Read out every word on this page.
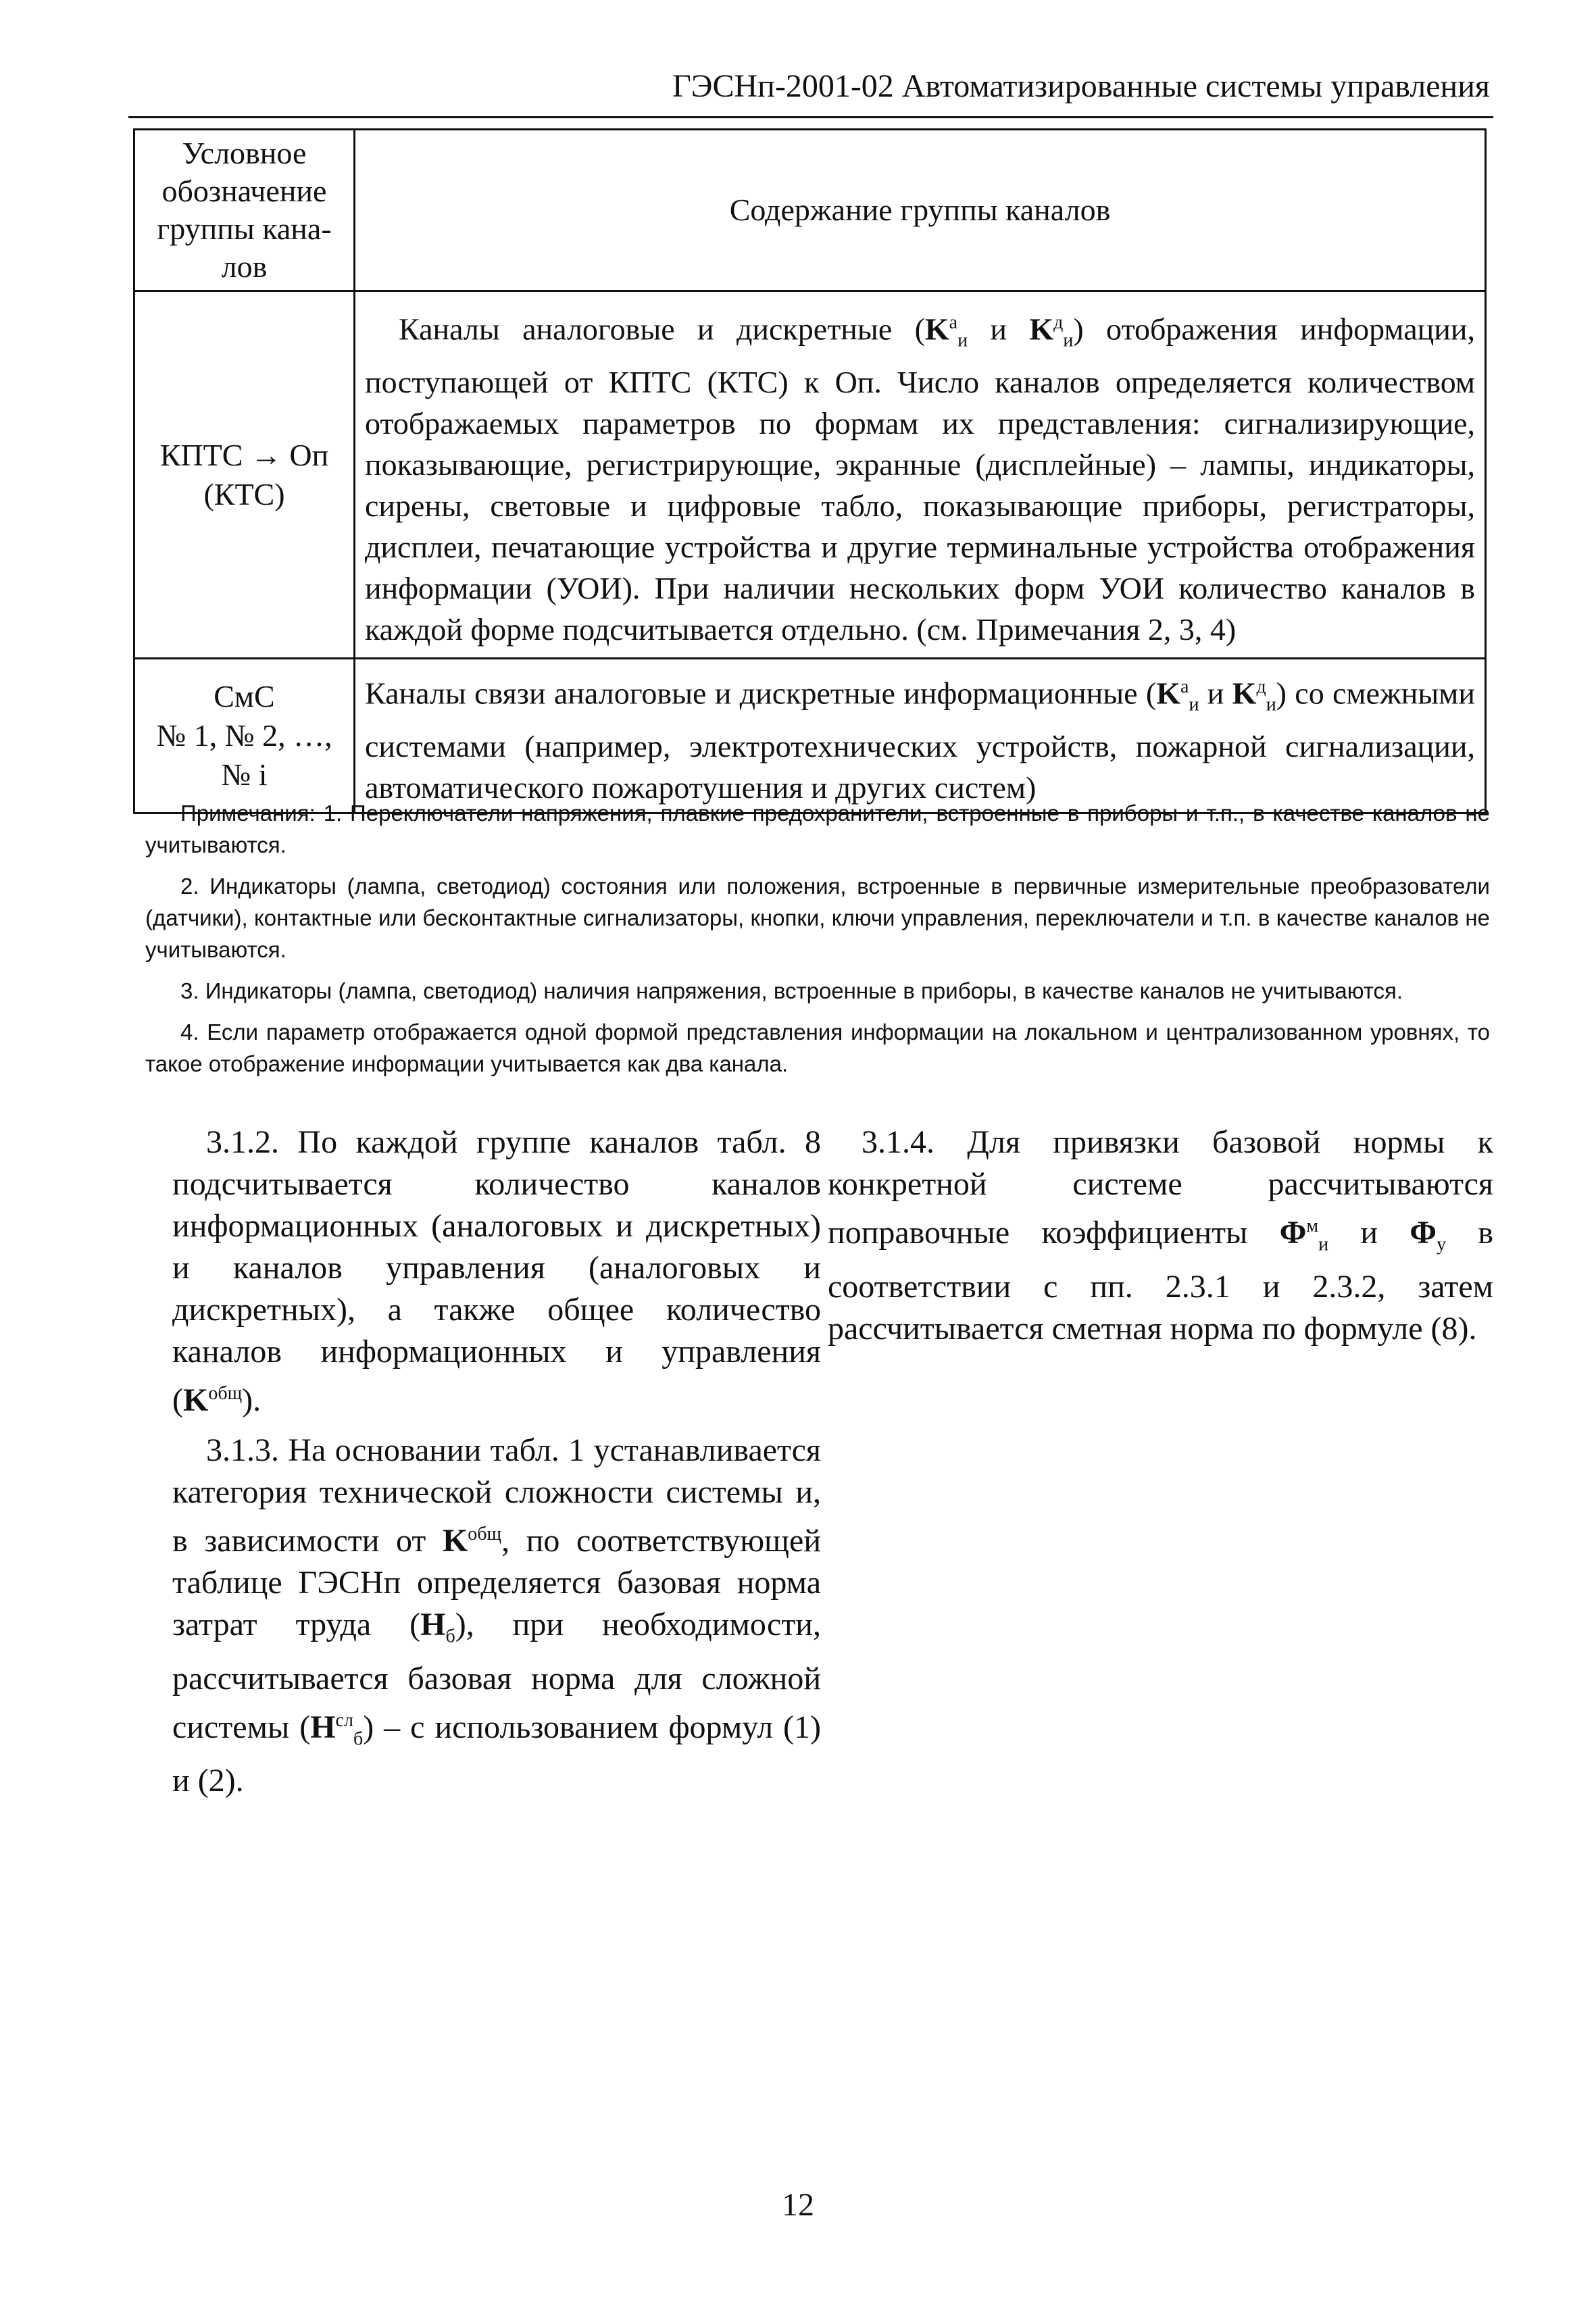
ГЭСНп-2001-02 Автоматизированные системы управления
Условное обозначение группы кана-лов	Содержание группы каналов

КПТС → Оп
(КТС)	Каналы аналоговые и дискретные ($K^а_и$ и $K^д_и$) отображения информации, поступающей от КПТС (КТС) к Оп. Число каналов определяется количеством отображаемых параметров по формам их представления: сигнализирующие, показывающие, регистрирующие, экранные (дисплейные) – лампы, индикаторы, сирены, световые и цифровые табло, показывающие приборы, регистраторы, дисплеи, печатающие устройства и другие терминальные устройства отображения информации (УОИ). При наличии нескольких форм УОИ количество каналов в каждой форме подсчитывается отдельно. (см. Примечания 2, 3, 4)

СмС
№ 1, № 2, …,
№ i	Каналы связи аналоговые и дискретные информационные ($K^а_и$ и $K^д_и$) со смежными системами (например, электротехнических устройств, пожарной сигнализации, автоматического пожаротушения и других систем)

Примечания: 1. Переключатели напряжения, плавкие предохранители, встроенные в приборы и т.п., в качестве каналов не учитываются.

2. Индикаторы (лампа, светодиод) состояния или положения, встроенные в первичные измерительные преобразователи (датчики), контактные или бесконтактные сигнализаторы, кнопки, ключи управления, переключатели и т.п. в качестве каналов не учитываются.

3. Индикаторы (лампа, светодиод) наличия напряжения, встроенные в приборы, в качестве каналов не учитываются.

4. Если параметр отображается одной формой представления информации на локальном и централизованном уровнях, то такое отображение информации учитывается как два канала.

3.1.2. По каждой группе каналов табл. 8 подсчитывается количество каналов информационных (аналоговых и дискретных) и каналов управления (аналоговых и дискретных), а также общее количество каналов информационных и управления $(K^{общ})$.

3.1.3. На основании табл. 1 устанавливается категория технической сложности системы и, в зависимости от $K^{общ}$, по соответствующей таблице ГЭСНп определяется базовая норма затрат труда $(H_б)$, при необходимости, рассчитывается базовая норма для сложной системы $(H^{сл}_б)$ – с использованием формул (1) и (2).

3.1.4. Для привязки базовой нормы к конкретной системе рассчитываются поправочные коэффициенты $\Phi^м_и$ и $\Phi_у$ в соответствии с пп. 2.3.1 и 2.3.2, затем рассчитывается сметная норма по формуле (8).

12
